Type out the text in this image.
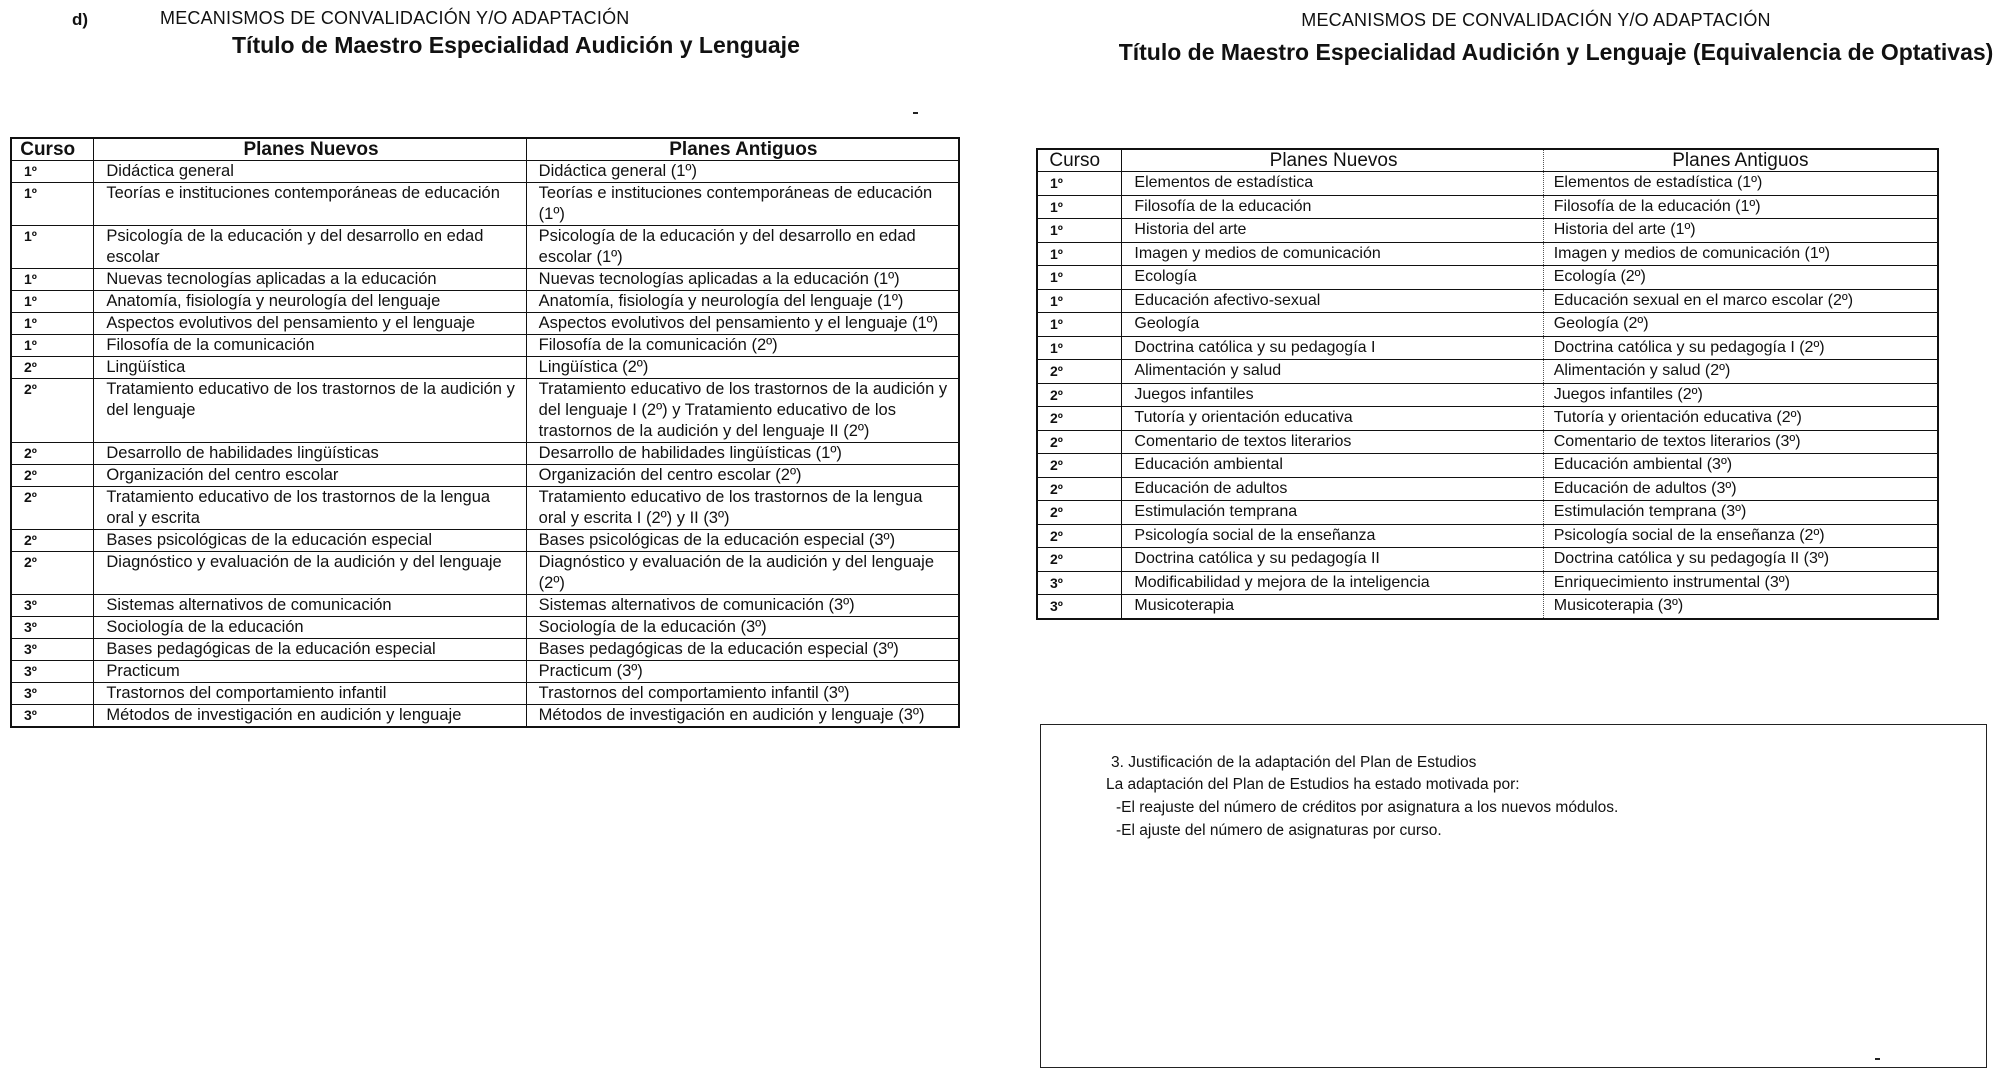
d)	MECANISMOS DE CONVALIDACIÓN Y/O ADAPTACIÓN
Título de Maestro Especialidad Audición y Lenguaje
MECANISMOS DE CONVALIDACIÓN Y/O ADAPTACIÓN
Título de Maestro Especialidad Audición y Lenguaje (Equivalencia de Optativas)
Curso	Planes Nuevos	Planes Antiguos
1º	Didáctica general	Didáctica general (1º)
1º	Teorías e instituciones contemporáneas de educación	Teorías e instituciones contemporáneas de educación (1º)
1º	Psicología de la educación y del desarrollo en edad escolar	Psicología de la educación y del desarrollo en edad escolar (1º)
1º	Nuevas tecnologías aplicadas a la educación	Nuevas tecnologías aplicadas a la educación (1º)
1º	Anatomía, fisiología y neurología del lenguaje	Anatomía, fisiología y neurología del lenguaje (1º)
1º	Aspectos evolutivos del pensamiento y el lenguaje	Aspectos evolutivos del pensamiento y el lenguaje (1º)
1º	Filosofía de la comunicación	Filosofía de la comunicación (2º)
2º	Lingüística	Lingüística (2º)
2º	Tratamiento educativo de los trastornos de la audición y del lenguaje	Tratamiento educativo de los trastornos de la audición y del lenguaje I (2º) y Tratamiento educativo de los trastornos de la audición y del lenguaje II (2º)
2º	Desarrollo de habilidades lingüísticas	Desarrollo de habilidades lingüísticas (1º)
2º	Organización del centro escolar	Organización del centro escolar (2º)
2º	Tratamiento educativo de los trastornos de la lengua oral y escrita	Tratamiento educativo de los trastornos de la lengua oral y escrita I (2º) y II (3º)
2º	Bases psicológicas de la educación especial	Bases psicológicas de la educación especial (3º)
2º	Diagnóstico y evaluación de la audición y del lenguaje	Diagnóstico y evaluación de la audición y del lenguaje (2º)
3º	Sistemas alternativos de comunicación	Sistemas alternativos de comunicación (3º)
3º	Sociología de la educación	Sociología de la educación (3º)
3º	Bases pedagógicas de la educación especial	Bases pedagógicas de la educación especial (3º)
3º	Practicum	Practicum (3º)
3º	Trastornos del comportamiento infantil	Trastornos del comportamiento infantil (3º)
3º	Métodos de investigación en audición y lenguaje	Métodos de investigación en audición y lenguaje (3º)
Curso	Planes Nuevos	Planes Antiguos
1º	Elementos de estadística	Elementos de estadística (1º)
1º	Filosofía de la educación	Filosofía de la educación (1º)
1º	Historia del arte	Historia del arte (1º)
1º	Imagen y medios de comunicación	Imagen y medios de comunicación (1º)
1º	Ecología	Ecología (2º)
1º	Educación afectivo-sexual	Educación sexual en el marco escolar (2º)
1º	Geología	Geología (2º)
1º	Doctrina católica y su pedagogía I	Doctrina católica y su pedagogía I (2º)
2º	Alimentación y salud	Alimentación y salud (2º)
2º	Juegos infantiles	Juegos infantiles (2º)
2º	Tutoría y orientación educativa	Tutoría y orientación educativa (2º)
2º	Comentario de textos literarios	Comentario de textos literarios (3º)
2º	Educación ambiental	Educación ambiental (3º)
2º	Educación de adultos	Educación de adultos (3º)
2º	Estimulación temprana	Estimulación temprana (3º)
2º	Psicología social de la enseñanza	Psicología social de la enseñanza (2º)
2º	Doctrina católica y su pedagogía II	Doctrina católica y su pedagogía II (3º)
3º	Modificabilidad y mejora de la inteligencia	Enriquecimiento instrumental (3º)
3º	Musicoterapia	Musicoterapia (3º)
3. Justificación de la adaptación del Plan de Estudios
La adaptación del Plan de Estudios ha estado motivada por:
-El reajuste del número de créditos por asignatura a los nuevos módulos.
-El ajuste del número de asignaturas por curso.
